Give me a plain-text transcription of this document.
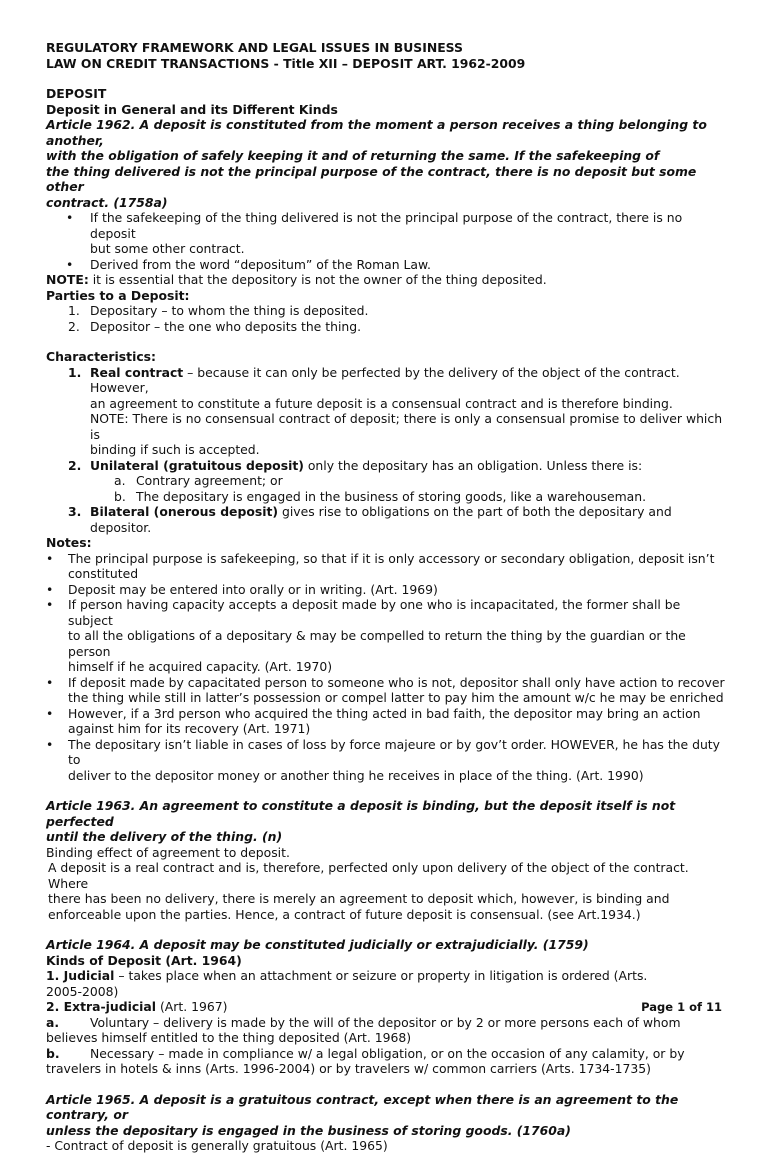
REGULATORY FRAMEWORK AND LEGAL ISSUES IN BUSINESS
LAW ON CREDIT TRANSACTIONS - Title XII – DEPOSIT ART. 1962-2009
DEPOSIT
Deposit in General and its Different Kinds
Article 1962. A deposit is constituted from the moment a person receives a thing belonging to another,
with the obligation of safely keeping it and of returning the same. If the safekeeping of
the thing delivered is not the principal purpose of the contract, there is no deposit but some other
contract. (1758a)
• If the safekeeping of the thing delivered is not the principal purpose of the contract, there is no deposit
but some other contract.
• Derived from the word “depositum” of the Roman Law.
NOTE: it is essential that the depository is not the owner of the thing deposited.
Parties to a Deposit:
1. Depositary – to whom the thing is deposited.
2. Depositor – the one who deposits the thing.
Characteristics:
1. Real contract – because it can only be perfected by the delivery of the object of the contract. However,
an agreement to constitute a future deposit is a consensual contract and is therefore binding.
NOTE: There is no consensual contract of deposit; there is only a consensual promise to deliver which is
binding if such is accepted.
2. Unilateral (gratuitous deposit) only the depositary has an obligation. Unless there is:
a. Contrary agreement; or
b. The depositary is engaged in the business of storing goods, like a warehouseman.
3. Bilateral (onerous deposit) gives rise to obligations on the part of both the depositary and depositor.
Notes:
• The principal purpose is safekeeping, so that if it is only accessory or secondary obligation, deposit isn’t
constituted
• Deposit may be entered into orally or in writing. (Art. 1969)
• If person having capacity accepts a deposit made by one who is incapacitated, the former shall be subject
to all the obligations of a depositary & may be compelled to return the thing by the guardian or the person
himself if he acquired capacity. (Art. 1970)
• If deposit made by capacitated person to someone who is not, depositor shall only have action to recover
the thing while still in latter’s possession or compel latter to pay him the amount w/c he may be enriched
• However, if a 3rd person who acquired the thing acted in bad faith, the depositor may bring an action
against him for its recovery (Art. 1971)
• The depositary isn’t liable in cases of loss by force majeure or by gov’t order. HOWEVER, he has the duty to
deliver to the depositor money or another thing he receives in place of the thing. (Art. 1990)
Article 1963. An agreement to constitute a deposit is binding, but the deposit itself is not perfected
until the delivery of the thing. (n)
Binding effect of agreement to deposit.
A deposit is a real contract and is, therefore, perfected only upon delivery of the object of the contract. Where
there has been no delivery, there is merely an agreement to deposit which, however, is binding and
enforceable upon the parties. Hence, a contract of future deposit is consensual. (see Art.1934.)
Article 1964. A deposit may be constituted judicially or extrajudicially. (1759)
Kinds of Deposit (Art. 1964)
1. Judicial – takes place when an attachment or seizure or property in litigation is ordered (Arts.
2005-2008)
2. Extra-judicial (Art. 1967)
a. Voluntary – delivery is made by the will of the depositor or by 2 or more persons each of whom
believes himself entitled to the thing deposited (Art. 1968)
b. Necessary – made in compliance w/ a legal obligation, or on the occasion of any calamity, or by
travelers in hotels & inns (Arts. 1996-2004) or by travelers w/ common carriers (Arts. 1734-1735)
Article 1965. A deposit is a gratuitous contract, except when there is an agreement to the contrary, or
unless the depositary is engaged in the business of storing goods. (1760a)
- Contract of deposit is generally gratuitous (Art. 1965)
Page 1 of 11
